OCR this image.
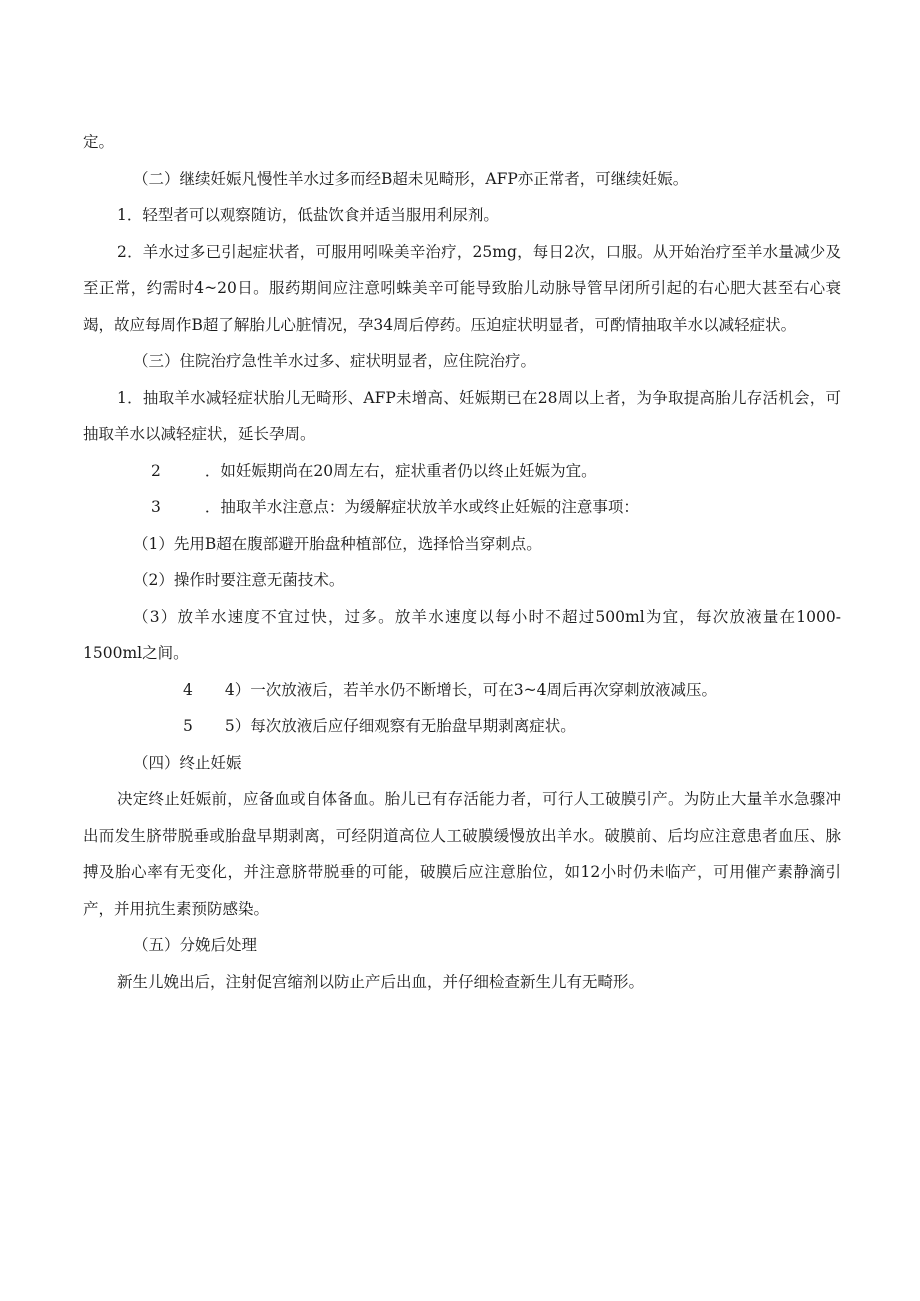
定。

（二）继续妊娠凡慢性羊水过多而经B超未见畸形，AFP亦正常者，可继续妊娠。

1．轻型者可以观察随访，低盐饮食并适当服用利尿剂。

2．羊水过多已引起症状者，可服用吲哚美辛治疗，25mg，每日2次，口服。从开始治疗至羊水量减少及至正常，约需时4~20日。服药期间应注意吲蛛美辛可能导致胎儿动脉导管早闭所引起的右心肥大甚至右心衰竭，故应每周作B超了解胎儿心脏情况，孕34周后停药。压迫症状明显者，可酌情抽取羊水以减轻症状。

（三）住院治疗急性羊水过多、症状明显者，应住院治疗。

1．抽取羊水减轻症状胎儿无畸形、AFP未增高、妊娠期已在28周以上者，为争取提高胎儿存活机会，可抽取羊水以减轻症状，延长孕周。

2	．如妊娠期尚在20周左右，症状重者仍以终止妊娠为宜。

3	．抽取羊水注意点：为缓解症状放羊水或终止妊娠的注意事项：

（1）先用B超在腹部避开胎盘种植部位，选择恰当穿刺点。

（2）操作时要注意无菌技术。

（3）放羊水速度不宜过快，过多。放羊水速度以每小时不超过500ml为宜，每次放液量在1000-1500ml之间。

4 4）一次放液后，若羊水仍不断增长，可在3~4周后再次穿刺放液减压。

5 5）每次放液后应仔细观察有无胎盘早期剥离症状。

（四）终止妊娠

决定终止妊娠前，应备血或自体备血。胎儿已有存活能力者，可行人工破膜引产。为防止大量羊水急骤冲出而发生脐带脱垂或胎盘早期剥离，可经阴道高位人工破膜缓慢放出羊水。破膜前、后均应注意患者血压、脉搏及胎心率有无变化，并注意脐带脱垂的可能，破膜后应注意胎位，如12小时仍未临产，可用催产素静滴引产，并用抗生素预防感染。

（五）分娩后处理

新生儿娩出后，注射促宫缩剂以防止产后出血，并仔细检查新生儿有无畸形。
